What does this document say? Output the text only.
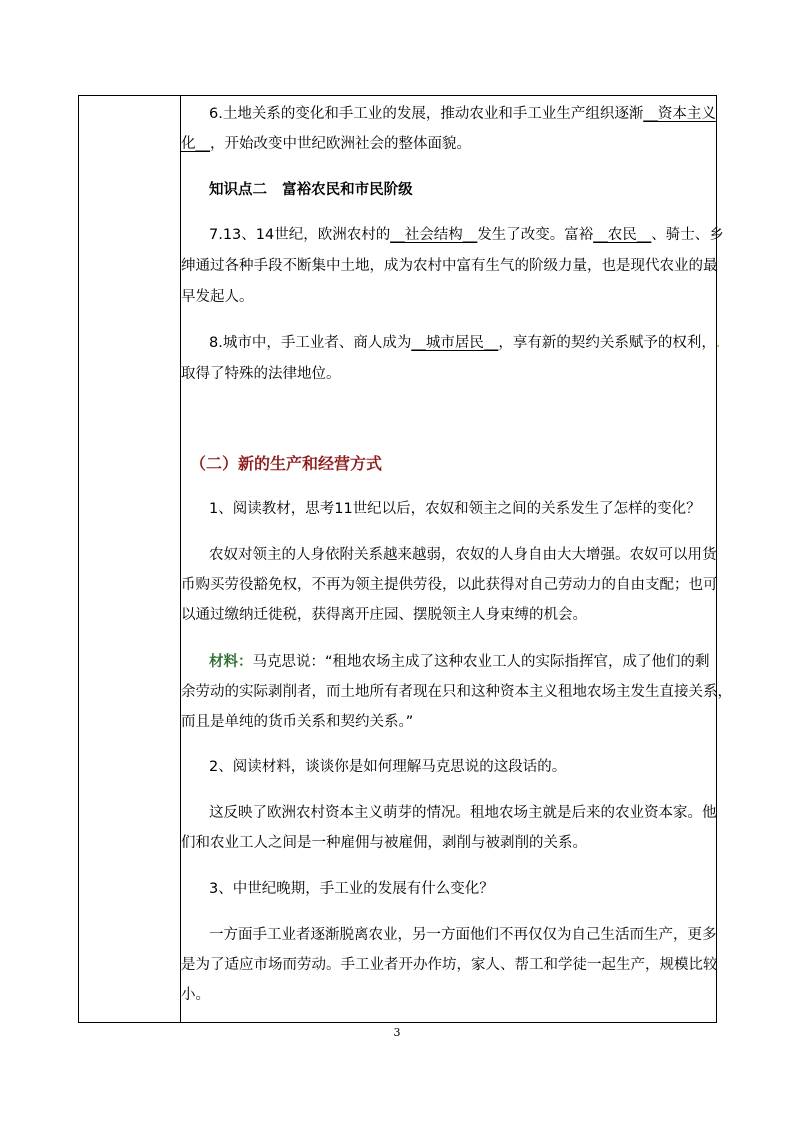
6.土地关系的变化和手工业的发展，推动农业和手工业生产组织逐渐__资本主义
化__，开始改变中世纪欧洲社会的整体面貌。
知识点二 富裕农民和市民阶级
7.13、14世纪，欧洲农村的__社会结构__发生了改变。富裕__农民__、骑士、乡
绅通过各种手段不断集中土地，成为农村中富有生气的阶级力量，也是现代农业的最
早发起人。
8.城市中，手工业者、商人成为__城市居民__，享有新的契约关系赋予的权利，.
取得了特殊的法律地位。
（二）新的生产和经营方式
1、阅读教材，思考11世纪以后，农奴和领主之间的关系发生了怎样的变化？
农奴对领主的人身依附关系越来越弱，农奴的人身自由大大增强。农奴可以用货
币购买劳役豁免权，不再为领主提供劳役，以此获得对自己劳动力的自由支配；也可
以通过缴纳迁徙税，获得离开庄园、摆脱领主人身束缚的机会。
材料：马克思说：“租地农场主成了这种农业工人的实际指挥官，成了他们的剩
余劳动的实际剥削者，而土地所有者现在只和这种资本主义租地农场主发生直接关系，
而且是单纯的货币关系和契约关系。”
2、阅读材料，谈谈你是如何理解马克思说的这段话的。
这反映了欧洲农村资本主义萌芽的情况。租地农场主就是后来的农业资本家。他
们和农业工人之间是一种雇佣与被雇佣，剥削与被剥削的关系。
3、中世纪晚期，手工业的发展有什么变化？
一方面手工业者逐渐脱离农业，另一方面他们不再仅仅为自己生活而生产，更多
是为了适应市场而劳动。手工业者开办作坊，家人、帮工和学徒一起生产，规模比较
小。
3
